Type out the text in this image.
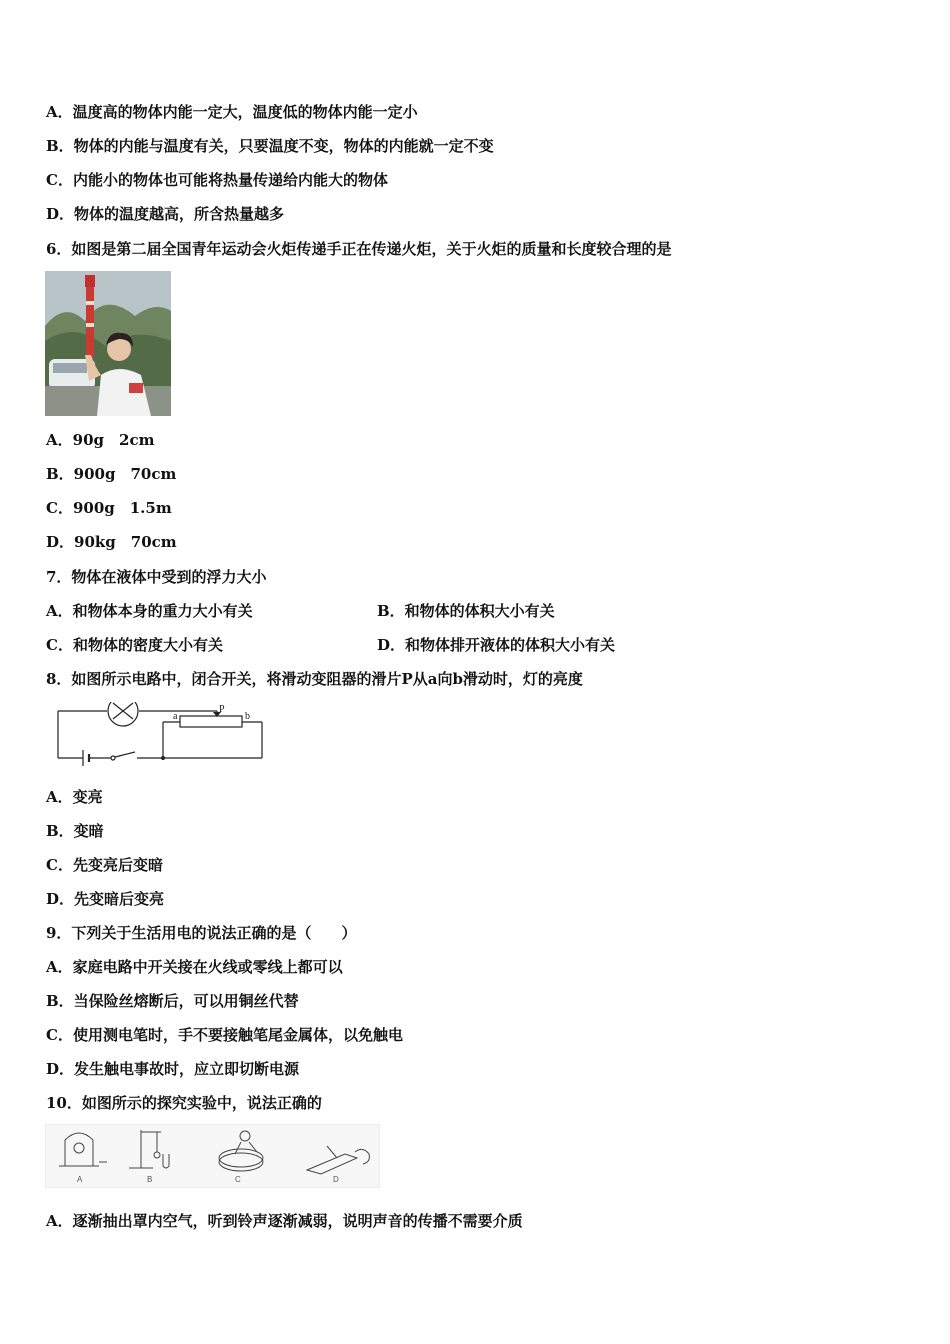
A．温度高的物体内能一定大，温度低的物体内能一定小
B．物体的内能与温度有关，只要温度不变，物体的内能就一定不变
C．内能小的物体也可能将热量传递给内能大的物体
D．物体的温度越高，所含热量越多
6．如图是第二届全国青年运动会火炬传递手正在传递火炬，关于火炬的质量和长度较合理的是
A．90g　2cm
B．900g　70cm
C．900g　1.5m
D．90kg　70cm
7．物体在液体中受到的浮力大小
A．和物体本身的重力大小有关	B．和物体的体积大小有关
C．和物体的密度大小有关	D．和物体排开液体的体积大小有关
8．如图所示电路中，闭合开关，将滑动变阻器的滑片P从a向b滑动时，灯的亮度
a
P
b
A．变亮
B．变暗
C．先变亮后变暗
D．先变暗后变亮
9．下列关于生活用电的说法正确的是（　　）
A．家庭电路中开关接在火线或零线上都可以
B．当保险丝熔断后，可以用铜丝代替
C．使用测电笔时，手不要接触笔尾金属体，以免触电
D．发生触电事故时，应立即切断电源
10．如图所示的探究实验中，说法正确的
A	B	C	D
A．逐渐抽出罩内空气，听到铃声逐渐减弱，说明声音的传播不需要介质
